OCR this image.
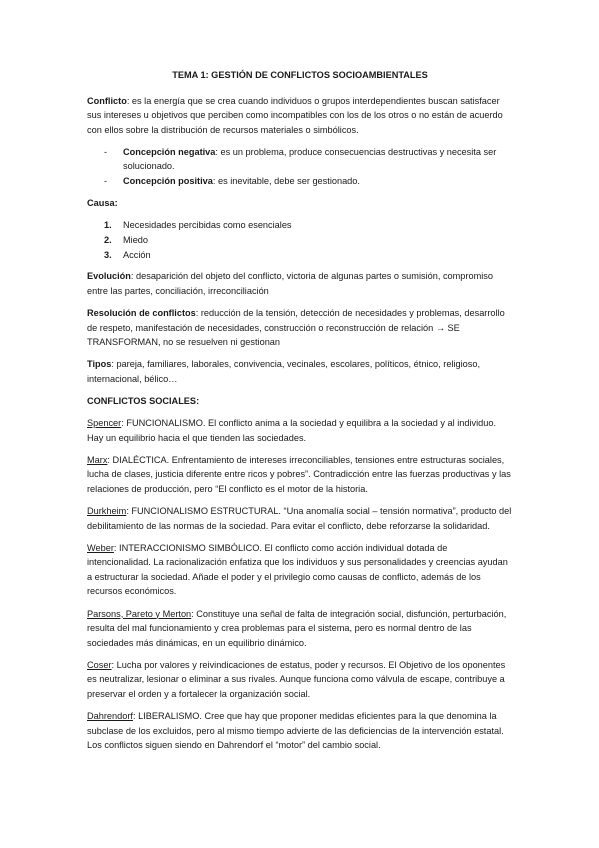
TEMA 1: GESTIÓN DE CONFLICTOS SOCIOAMBIENTALES

Conflicto: es la energía que se crea cuando individuos o grupos interdependientes buscan satisfacer sus intereses u objetivos que perciben como incompatibles con los de los otros o no están de acuerdo con ellos sobre la distribución de recursos materiales o simbólicos.

- Concepción negativa: es un problema, produce consecuencias destructivas y necesita ser solucionado.
- Concepción positiva: es inevitable, debe ser gestionado.

Causa:

1. Necesidades percibidas como esenciales
2. Miedo
3. Acción

Evolución: desaparición del objeto del conflicto, victoria de algunas partes o sumisión, compromiso entre las partes, conciliación, irreconciliación

Resolución de conflictos: reducción de la tensión, detección de necesidades y problemas, desarrollo de respeto, manifestación de necesidades, construcción o reconstrucción de relación → SE TRANSFORMAN, no se resuelven ni gestionan

Tipos: pareja, familiares, laborales, convivencia, vecinales, escolares, políticos, étnico, religioso, internacional, bélico…

CONFLICTOS SOCIALES:

Spencer: FUNCIONALISMO. El conflicto anima a la sociedad y equilibra a la sociedad y al individuo. Hay un equilibrio hacia el que tienden las sociedades.

Marx: DIALÉCTICA. Enfrentamiento de intereses irreconciliables, tensiones entre estructuras sociales, lucha de clases, justicia diferente entre ricos y pobres”. Contradicción entre las fuerzas productivas y las relaciones de producción, pero “El conflicto es el motor de la historia.

Durkheim: FUNCIONALISMO ESTRUCTURAL. “Una anomalía social – tensión normativa”, producto del debilitamiento de las normas de la sociedad. Para evitar el conflicto, debe reforzarse la solidaridad.

Weber: INTERACCIONISMO SIMBÓLICO. El conflicto como acción individual dotada de intencionalidad. La racionalización enfatiza que los individuos y sus personalidades y creencias ayudan a estructurar la sociedad. Añade el poder y el privilegio como causas de conflicto, además de los recursos económicos.

Parsons, Pareto y Merton: Constituye una señal de falta de integración social, disfunción, perturbación, resulta del mal funcionamiento y crea problemas para el sistema, pero es normal dentro de las sociedades más dinámicas, en un equilibrio dinámico.

Coser: Lucha por valores y reivindicaciones de estatus, poder y recursos. El Objetivo de los oponentes es neutralizar, lesionar o eliminar a sus rivales. Aunque funciona como válvula de escape, contribuye a preservar el orden y a fortalecer la organización social.

Dahrendorf: LIBERALISMO. Cree que hay que proponer medidas eficientes para la que denomina la subclase de los excluidos, pero al mismo tiempo advierte de las deficiencias de la intervención estatal. Los conflictos siguen siendo en Dahrendorf el “motor” del cambio social.
